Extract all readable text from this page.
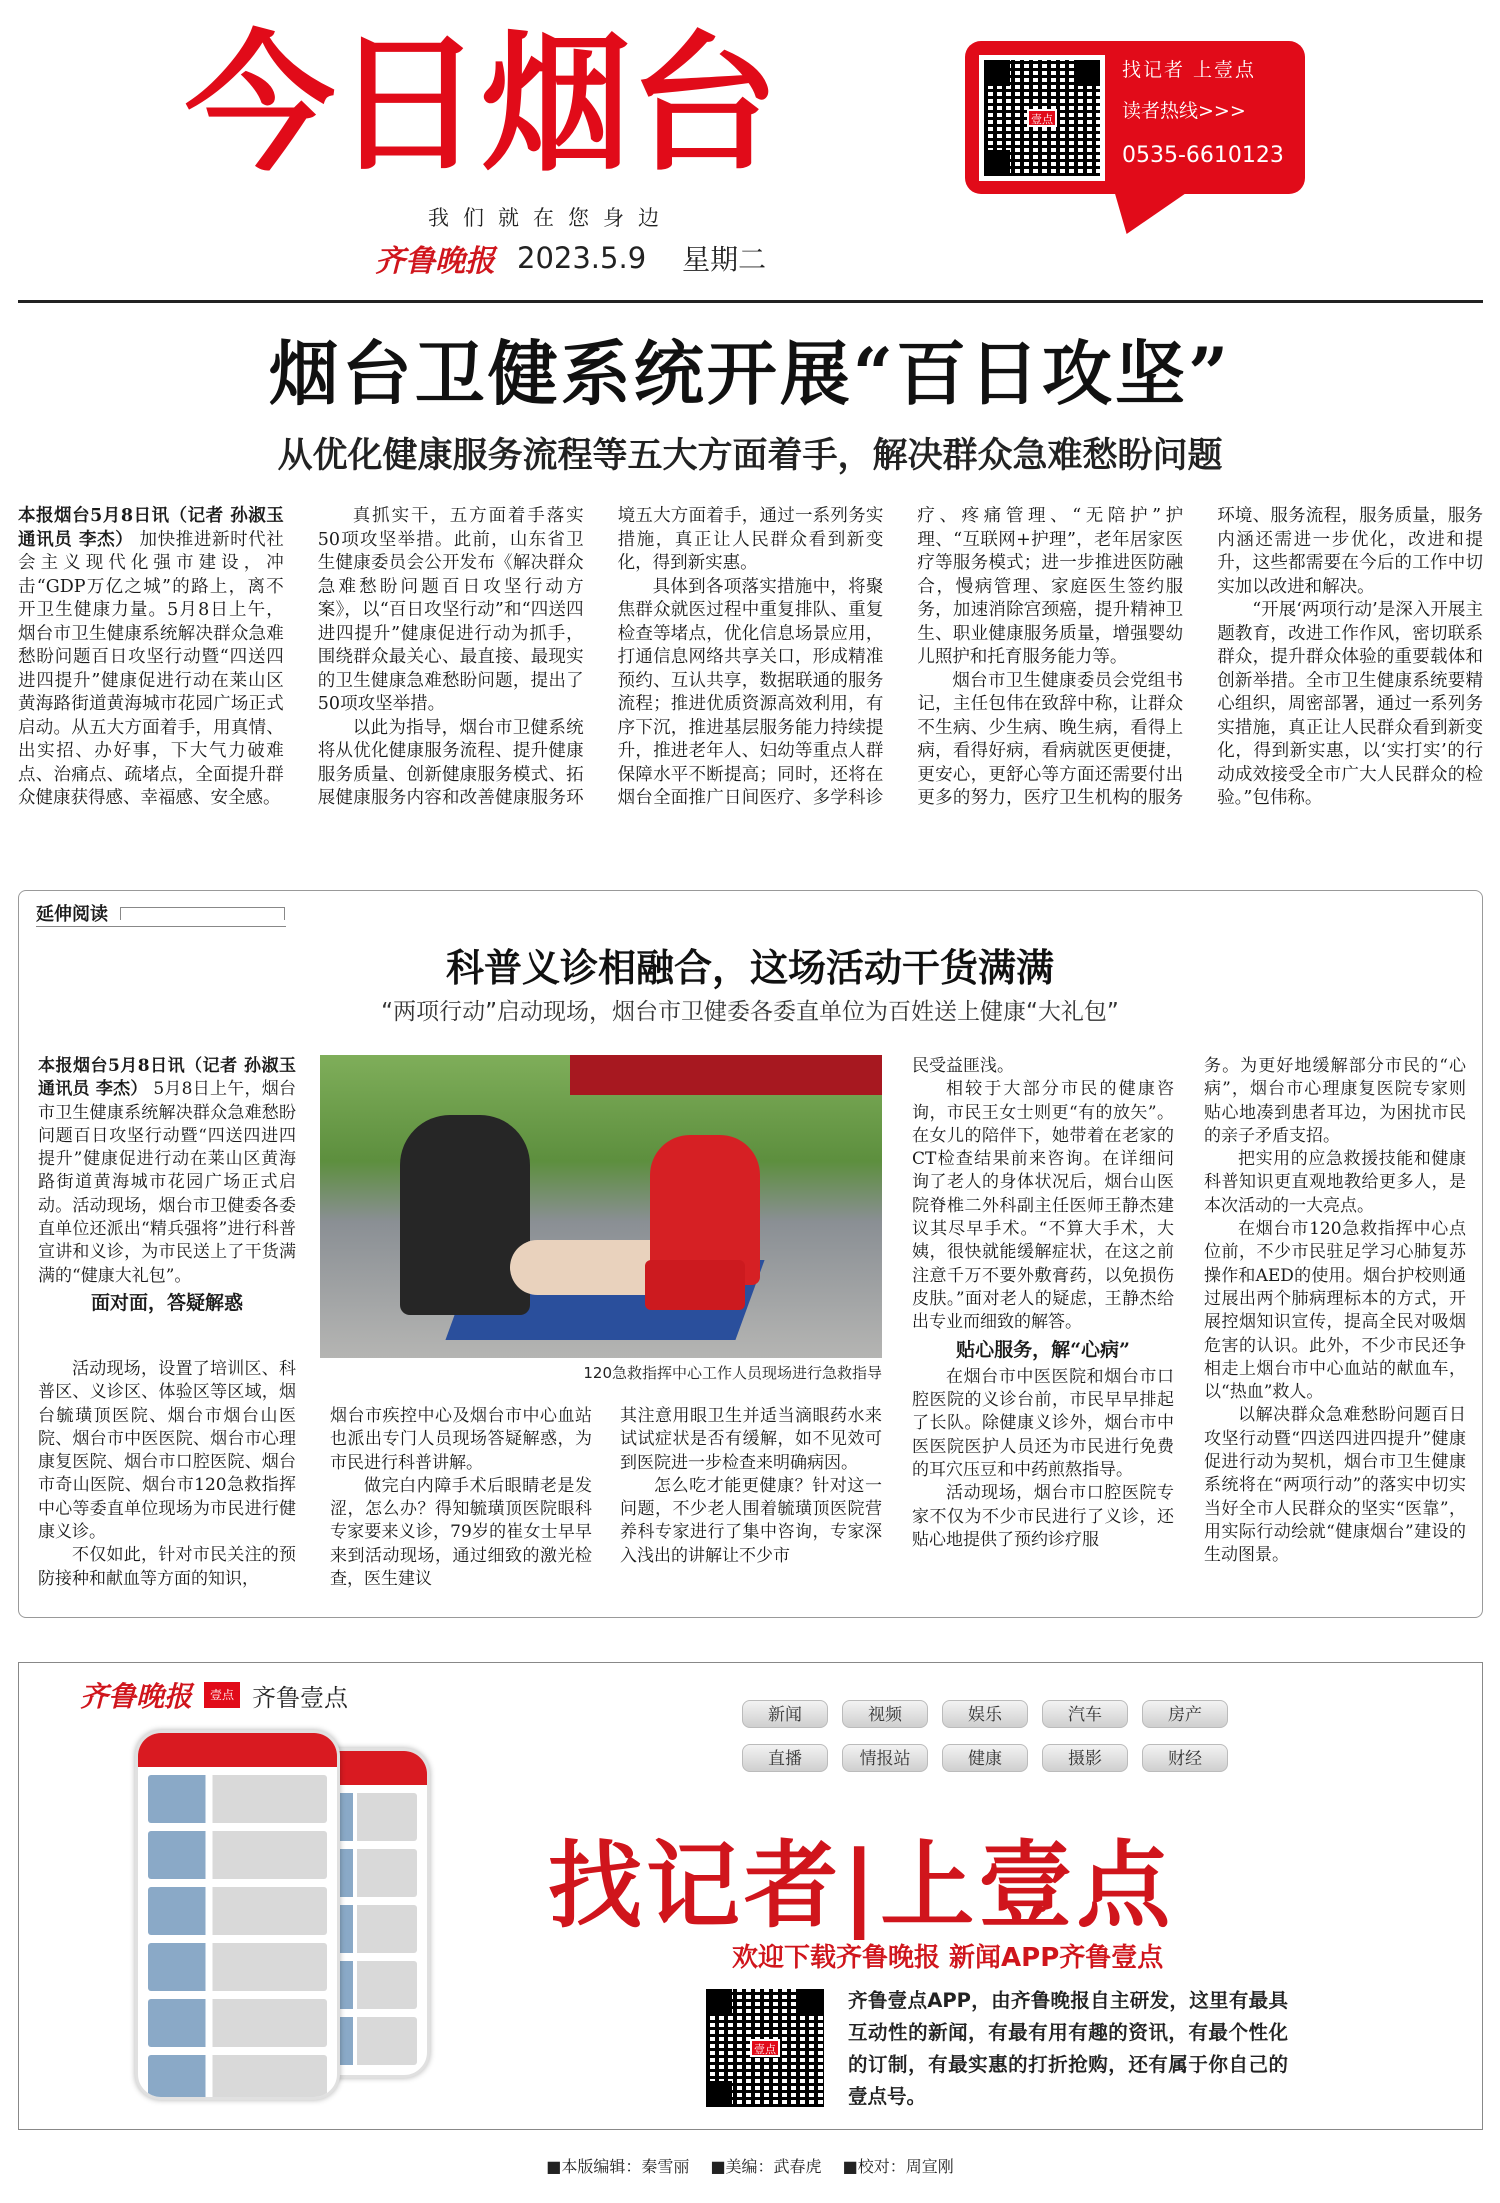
今日烟台
我们就在您身边
齐鲁晚报 2023.5.9 星期二
壹点
找记者 上壹点
读者热线>>>
0535-6610123
烟台卫健系统开展“百日攻坚”
从优化健康服务流程等五大方面着手，解决群众急难愁盼问题

本报烟台5月8日讯（记者 孙淑玉 通讯员 李杰） 加快推进新时代社会主义现代化强市建设，冲击“GDP万亿之城”的路上，离不开卫生健康力量。5月8日上午，烟台市卫生健康系统解决群众急难愁盼问题百日攻坚行动暨“四送四进四提升”健康促进行动在莱山区黄海路街道黄海城市花园广场正式启动。从五大方面着手，用真情、出实招、办好事，下大气力破难点、治痛点、疏堵点，全面提升群众健康获得感、幸福感、安全感。

真抓实干，五方面着手落实50项攻坚举措。此前，山东省卫生健康委员会公开发布《解决群众急难愁盼问题百日攻坚行动方案》，以“百日攻坚行动”和“四送四进四提升”健康促进行动为抓手，围绕群众最关心、最直接、最现实的卫生健康急难愁盼问题，提出了50项攻坚举措。

以此为指导，烟台市卫健系统将从优化健康服务流程、提升健康服务质量、创新健康服务模式、拓展健康服务内容和改善健康服务环境五大方面着手，通过一系列务实措施，真正让人民群众看到新变化，得到新实惠。

具体到各项落实措施中，将聚焦群众就医过程中重复排队、重复检查等堵点，优化信息场景应用，打通信息网络共享关口，形成精准预约、互认共享，数据联通的服务流程；推进优质资源高效利用，有序下沉，推进基层服务能力持续提升，推进老年人、妇幼等重点人群保障水平不断提高；同时，还将在烟台全面推广日间医疗、多学科诊疗、疼痛管理、“无陪护”护理、“互联网+护理”，老年居家医疗等服务模式；进一步推进医防融合，慢病管理、家庭医生签约服务，加速消除宫颈癌，提升精神卫生、职业健康服务质量，增强婴幼儿照护和托育服务能力等。

烟台市卫生健康委员会党组书记，主任包伟在致辞中称，让群众不生病、少生病、晚生病，看得上病，看得好病，看病就医更便捷，更安心，更舒心等方面还需要付出更多的努力，医疗卫生机构的服务环境、服务流程，服务质量，服务内涵还需进一步优化，改进和提升，这些都需要在今后的工作中切实加以改进和解决。

“开展‘两项行动’是深入开展主题教育，改进工作作风，密切联系群众，提升群众体验的重要载体和创新举措。全市卫生健康系统要精心组织，周密部署，通过一系列务实措施，真正让人民群众看到新变化，得到新实惠，以‘实打实’的行动成效接受全市广大人民群众的检验。”包伟称。

延伸阅读
科普义诊相融合，这场活动干货满满
“两项行动”启动现场，烟台市卫健委各委直单位为百姓送上健康“大礼包”
120急救指挥中心工作人员现场进行急救指导

本报烟台5月8日讯（记者 孙淑玉 通讯员 李杰） 5月8日上午，烟台市卫生健康系统解决群众急难愁盼问题百日攻坚行动暨“四送四进四提升”健康促进行动在莱山区黄海路街道黄海城市花园广场正式启动。活动现场，烟台市卫健委各委直单位还派出“精兵强将”进行科普宣讲和义诊，为市民送上了干货满满的“健康大礼包”。

面对面，答疑解惑

活动现场，设置了培训区、科普区、义诊区、体验区等区域，烟台毓璜顶医院、烟台市烟台山医院、烟台市中医医院、烟台市心理康复医院、烟台市口腔医院、烟台市奇山医院、烟台市120急救指挥中心等委直单位现场为市民进行健康义诊。

不仅如此，针对市民关注的预防接种和献血等方面的知识，

烟台市疾控中心及烟台市中心血站也派出专门人员现场答疑解惑，为市民进行科普讲解。

做完白内障手术后眼睛老是发涩，怎么办？得知毓璜顶医院眼科专家要来义诊，79岁的崔女士早早来到活动现场，通过细致的激光检查，医生建议

其注意用眼卫生并适当滴眼药水来试试症状是否有缓解，如不见效可到医院进一步检查来明确病因。

怎么吃才能更健康？针对这一问题，不少老人围着毓璜顶医院营养科专家进行了集中咨询，专家深入浅出的讲解让不少市

民受益匪浅。

相较于大部分市民的健康咨询，市民王女士则更“有的放矢”。在女儿的陪伴下，她带着在老家的CT检查结果前来咨询。在详细问询了老人的身体状况后，烟台山医院脊椎二外科副主任医师王静杰建议其尽早手术。“不算大手术，大姨，很快就能缓解症状，在这之前注意千万不要外敷膏药，以免损伤皮肤。”面对老人的疑虑，王静杰给出专业而细致的解答。

贴心服务，解“心病”

在烟台市中医医院和烟台市口腔医院的义诊台前，市民早早排起了长队。除健康义诊外，烟台市中医医院医护人员还为市民进行免费的耳穴压豆和中药煎熬指导。

活动现场，烟台市口腔医院专家不仅为不少市民进行了义诊，还贴心地提供了预约诊疗服

务。为更好地缓解部分市民的“心病”，烟台市心理康复医院专家则贴心地凑到患者耳边，为困扰市民的亲子矛盾支招。

把实用的应急救援技能和健康科普知识更直观地教给更多人，是本次活动的一大亮点。

在烟台市120急救指挥中心点位前，不少市民驻足学习心肺复苏操作和AED的使用。烟台护校则通过展出两个肺病理标本的方式，开展控烟知识宣传，提高全民对吸烟危害的认识。此外，不少市民还争相走上烟台市中心血站的献血车，以“热血”救人。

以解决群众急难愁盼问题百日攻坚行动暨“四送四进四提升”健康促进行动为契机，烟台市卫生健康系统将在“两项行动”的落实中切实当好全市人民群众的坚实“医靠”，用实际行动绘就“健康烟台”建设的生动图景。

齐鲁晚报	壹点 齐鲁壹点
新闻	视频	娱乐	汽车	房产
直播	情报站	健康	摄影	财经
找记者|上壹点
欢迎下载齐鲁晚报 新闻APP齐鲁壹点
壹点
齐鲁壹点APP，由齐鲁晚报自主研发，这里有最具互动性的新闻，有最有用有趣的资讯，有最个性化的订制，有最实惠的打折抢购，还有属于你自己的壹点号。
■本版编辑：秦雪丽 ■美编：武春虎 ■校对：周宣刚
